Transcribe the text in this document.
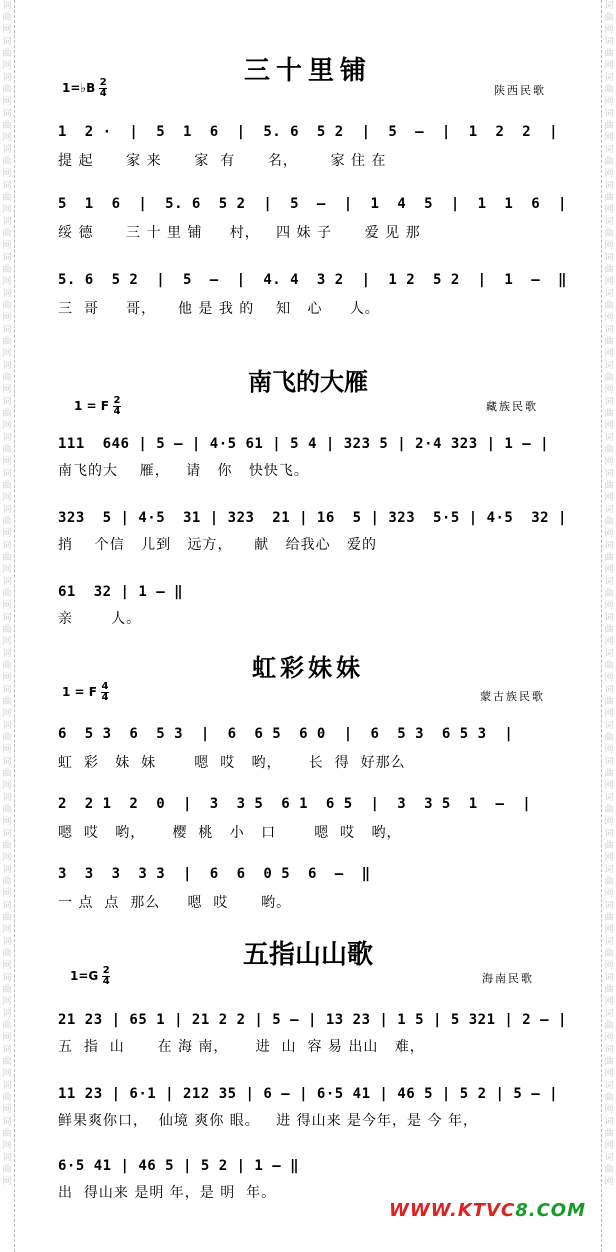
词曲网词曲网词曲网词曲网词曲网词曲网词曲网词曲网词曲网词曲网词曲网词曲网词曲网词曲网词曲网词曲网词曲网词曲网词曲网词曲网词曲网词曲网词曲网词曲网词曲网词曲网词曲网词曲网词曲网词曲网词曲网词曲网词曲网
词曲网词曲网词曲网词曲网词曲网词曲网词曲网词曲网词曲网词曲网词曲网词曲网词曲网词曲网词曲网词曲网词曲网词曲网词曲网词曲网词曲网词曲网词曲网词曲网词曲网词曲网词曲网词曲网词曲网词曲网词曲网词曲网词曲网
三十里铺
1=♭B $\frac{2}{4}$	陕西民歌
1  2 ·  |  5  1  6  |  5. 6  5 2  |  5  –  |  1  2  2  |
提 起      家 来      家  有      名，      家 住 在
5  1  6  |  5. 6  5 2  |  5  –  |  1  4  5  |  1  1  6  |
绥 德      三 十 里 铺     村，   四 妹 子      爱 见 那
5. 6  5 2  |  5  –  |  4. 4  3 2  |  1 2  5 2  |  1  –  ‖
三  哥     哥，    他 是 我 的    知   心     人。
南飞的大雁
1 = F $\frac{2}{4}$	藏族民歌
111  646 | 5 – | 4·5 61 | 5 4 | 323 5 | 2·4 323 | 1 – |
南飞的大    雁，   请   你   快快飞。
323  5 | 4·5  31 | 323  21 | 16  5 | 323  5·5 | 4·5  32 |
捎    个信   儿到   远方，    献   给我心   爱的
61  32 | 1 – ‖
亲       人。
虹彩妹妹
1 = F $\frac{4}{4}$	蒙古族民歌
6  5 3  6  5 3  |  6  6 5  6 0  |  6  5 3  6 5 3  |
虹  彩   妹  妹       嗯  哎   哟，     长  得  好那么
2  2 1  2  0  |  3  3 5  6 1  6 5  |  3  3 5  1  –  |
嗯  哎   哟，     樱  桃   小   口       嗯  哎   哟，
3  3  3  3 3  |  6  6  0 5  6  –  ‖
一 点  点  那么     嗯  哎      哟。
五指山山歌
$1=G \frac{2}{4}$	海南民歌
21 23 | 65 1 | 21 2 2 | 5 – | 13 23 | 1 5 | 5 321 | 2 – |
五  指  山      在 海 南，     进  山  容 易 出山   难，
11 23 | 6·1 | 212 35 | 6 – | 6·5 41 | 46 5 | 5 2 | 5 – |
鲜果爽你口，  仙境 爽你 眼。   进 得山来 是今年，是 今 年，
6·5 41 | 46 5 | 5 2 | 1 – ‖
出  得山来 是明 年，是 明  年。
WWW.KTVC8.COM
